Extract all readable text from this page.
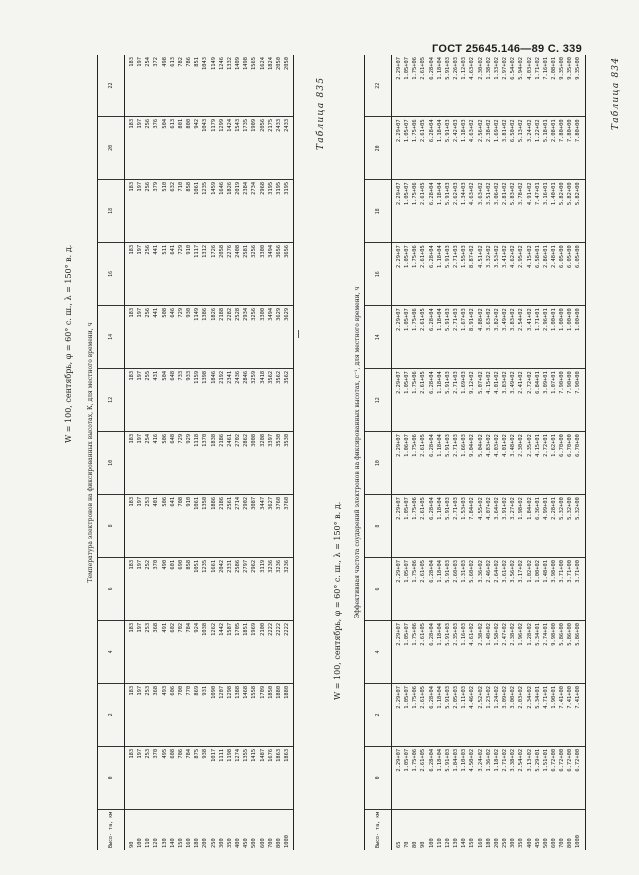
ГОСТ 25645.146—89 С. 339
Таблица 834
W = 100, сентябрь, φ = 60° с. ш., λ = 150° в. д.	Температура электронов на фиксированных высотах, К, для местного времени, ч
Высо- та, км	0	2	4	6	8	10	12	14	16	18	20	22
90	183	183	183	183	183	183	183	183	183	183	183	183
100	197	197	197	197	197	197	197	197	197	197	197	197
110	253	253	253	252	253	254	255	256	256	256	256	254
120	370	368	368	370	401	416	431	441	441	379	376	372
130	495	493	491	490	506	506	504	508	511	510	504	498
140	608	606	602	601	641	648	648	646	641	632	613	613
150	706	700	702	690	708	729	733	729	729	710	801	782
160	784	770	784	858	910	929	933	930	910	858	800	786
180	875	869	924	1051	1061	1118	1159	1149	1117	1061	942	851
200	938	931	1038	1235	1350	1370	1398	1386	1312	1235	1043	1043
250	1017	1090	1262	1661	1886	1838	1846	1826	1726	1459	1179	1149
300	1111	1207	1442	2042	2186	2186	2192	2188	2058	1646	1299	1246
350	1198	1298	1587	2331	2561	2461	2341	2282	2276	1826	1424	1332
400	1274	1388	1705	2586	2714	2702	2436	2528	2408	2019	1543	1409
450	1355	1468	1851	2797	2902	2862	2846	2934	2581	2384	1735	1498
500	1415	1558	1969	2962	3087	3008	3259	3256	3256	2734	1909	1565
600	1487	1709	2100	3119	3447	3208	3418	3300	3300	2968	2056	1624
700	1676	1850	2222	3236	3627	3397	3562	3494	3494	3195	2175	1824
800	1863	1880	2222	3236	3760	3530	3562	3629	3656	3195	2433	2050
1000	1863	1880	2222	3236	3760	3530	3562	3629	3656	3195	2433	2050
Таблица 835
W = 100, сентябрь, φ = 60° с. ш., λ = 150° в. д.	Эффективная частота соударений электронов на фиксированных высотах, с⁻¹, для местного времени, ч
Высо- та, км	0	2	4	6	8	10	12	14	16	18	20	22
65	2.29+07	2.29+07	2.29+07	2.29+07	2.29+07	2.29+07	2.29+07	2.29+07	2.29+07	2.29+07	2.29+07	2.29+07
70	1.05+07	1.05+07	1.05+07	1.05+07	1.05+07	1.06+07	1.05+07	1.05+07	1.05+07	1.05+07	1.05+07	1.05+07
80	1.75+06	1.75+06	1.75+06	1.75+06	1.75+06	1.75+06	1.75+06	1.75+06	1.75+06	1.75+06	1.75+06	1.75+06
90	2.61+05	2.61+05	2.61+05	2.61+05	2.61+05	2.61+05	2.61+05	2.61+05	2.61+05	2.61+05	2.61+05	2.61+05
100	6.28+04	6.28+04	6.28+04	6.28+04	6.28+04	6.28+04	6.28+04	6.28+04	6.28+04	6.28+04	6.28+04	6.28+04
110	1.18+04	1.18+04	1.18+04	1.18+04	1.18+04	1.18+04	1.18+04	1.18+04	1.18+04	1.18+04	1.18+04	1.18+04
120	5.91+03	5.91+03	5.91+03	5.91+03	5.91+03	5.91+03	5.91+03	5.91+03	5.91+03	5.91+03	5.91+03	5.91+03
130	1.84+03	2.05+03	2.35+03	2.60+03	2.71+03	2.71+03	2.71+03	2.71+03	2.71+03	2.62+03	2.42+03	2.26+03
140	1.10+03	1.11+03	1.16+03	1.31+03	1.53+03	1.66+03	1.69+03	1.67+03	1.55+03	1.34+03	1.18+03	1.12+03
150	4.50+02	4.46+02	4.61+02	5.60+02	7.84+02	9.04+02	9.12+02	8.91+02	8.87+02	4.63+02	4.63+02	4.63+02
160	3.24+02	2.52+02	2.38+02	3.36+02	4.55+02	5.04+02	5.07+02	4.88+02	4.51+02	3.63+02	2.56+02	2.30+02
180	1.36+02	1.23+02	1.40+02	2.46+02	4.07+02	4.83+02	4.15+02	3.63+02	3.32+02	3.51+02	2.38+02	1.38+02
200	1.18+02	1.24+02	1.58+02	2.64+02	3.64+02	4.03+02	4.01+02	3.82+02	3.53+02	3.06+02	1.69+02	1.33+02
250	2.71+02	3.09+02	2.47+02	3.61+02	3.91+02	4.01+02	3.83+02	3.49+02	3.41+02	2.81+02	3.81+02	2.97+02
300	3.38+02	3.00+02	2.38+02	3.56+02	3.27+02	3.48+02	3.49+02	3.83+02	4.62+02	5.83+02	6.50+02	6.54+02
350	2.54+02	2.03+02	1.96+02	3.17+02	1.98+02	2.30+02	2.41+02	2.54+02	2.95+02	3.78+02	5.13+02	5.94+02
400	3.13+02	2.34+02	1.28+02	1.02+02	1.84+02	2.35+02	2.72+02	3.41+02	4.15+02	4.91+02	3.24+02	4.03+02
450	5.29+01	5.34+01	5.34+01	1.00+02	6.36+01	4.15+01	6.84+01	1.71+01	6.58+01	7.47+01	1.22+02	1.71+02
500	1.51+01	4.71+01	2.74+01	1.48+01	4.99+01	2.72+01	3.09+01	2.96+01	2.86+01	3.16+01	5.18+01	7.16+01
600	6.72+00	1.90+01	9.98+00	3.98+00	2.28+01	1.62+01	1.07+01	1.00+01	2.48+01	1.40+01	2.08+01	2.08+01
700	6.72+00	7.41+00	5.86+00	3.71+00	5.32+00	6.70+00	7.90+00	1.00+00	6.05+00	5.82+00	7.80+00	9.35+00
800	6.72+00	7.41+00	5.86+00	3.71+00	5.32+00	6.70+00	7.90+00	1.00+00	6.05+00	5.82+00	7.80+00	9.35+00
1000	6.72+00	7.41+00	5.86+00	3.71+00	5.32+00	6.70+00	7.90+00	1.00+00	6.05+00	5.82+00	7.80+00	9.35+00
